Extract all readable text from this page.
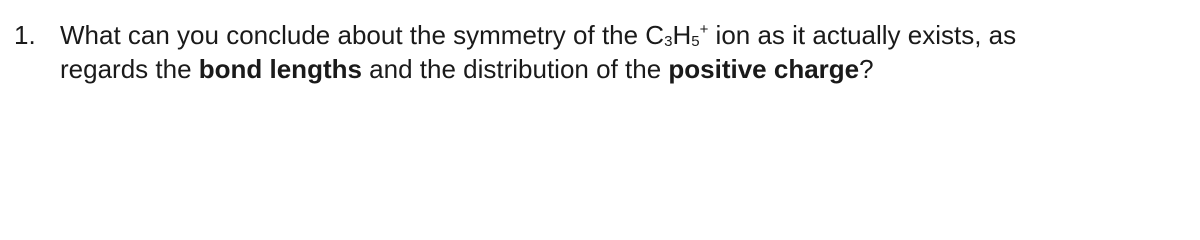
1. What can you conclude about the symmetry of the $C_3H_5^+$ ion as it actually exists, as
regards the bond lengths and the distribution of the positive charge?
